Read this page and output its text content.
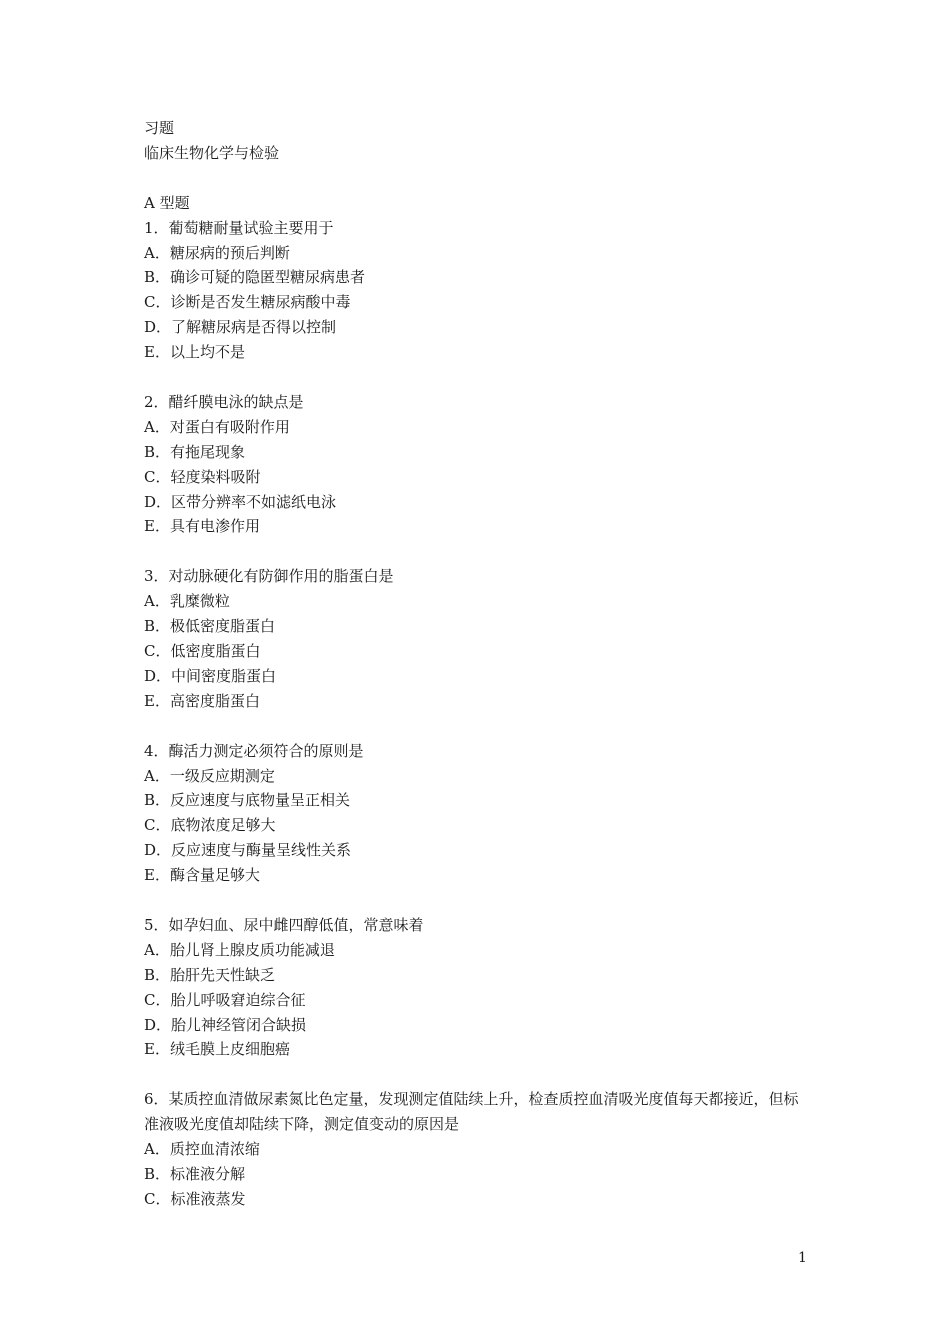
习题
临床生物化学与检验
A 型题
1．葡萄糖耐量试验主要用于
A．糖尿病的预后判断
B．确诊可疑的隐匿型糖尿病患者
C．诊断是否发生糖尿病酸中毒
D．了解糖尿病是否得以控制
E．以上均不是
2．醋纤膜电泳的缺点是
A．对蛋白有吸附作用
B．有拖尾现象
C．轻度染料吸附
D．区带分辨率不如滤纸电泳
E．具有电渗作用
3．对动脉硬化有防御作用的脂蛋白是
A．乳糜微粒
B．极低密度脂蛋白
C．低密度脂蛋白
D．中间密度脂蛋白
E．高密度脂蛋白
4．酶活力测定必须符合的原则是
A．一级反应期测定
B．反应速度与底物量呈正相关
C．底物浓度足够大
D．反应速度与酶量呈线性关系
E．酶含量足够大
5．如孕妇血、尿中雌四醇低值，常意味着
A．胎儿肾上腺皮质功能减退
B．胎肝先天性缺乏
C．胎儿呼吸窘迫综合征
D．胎儿神经管闭合缺损
E．绒毛膜上皮细胞癌
6．某质控血清做尿素氮比色定量，发现测定值陆续上升，检查质控血清吸光度值每天都接近，但标准液吸光度值却陆续下降，测定值变动的原因是
A．质控血清浓缩
B．标准液分解
C．标准液蒸发
1
